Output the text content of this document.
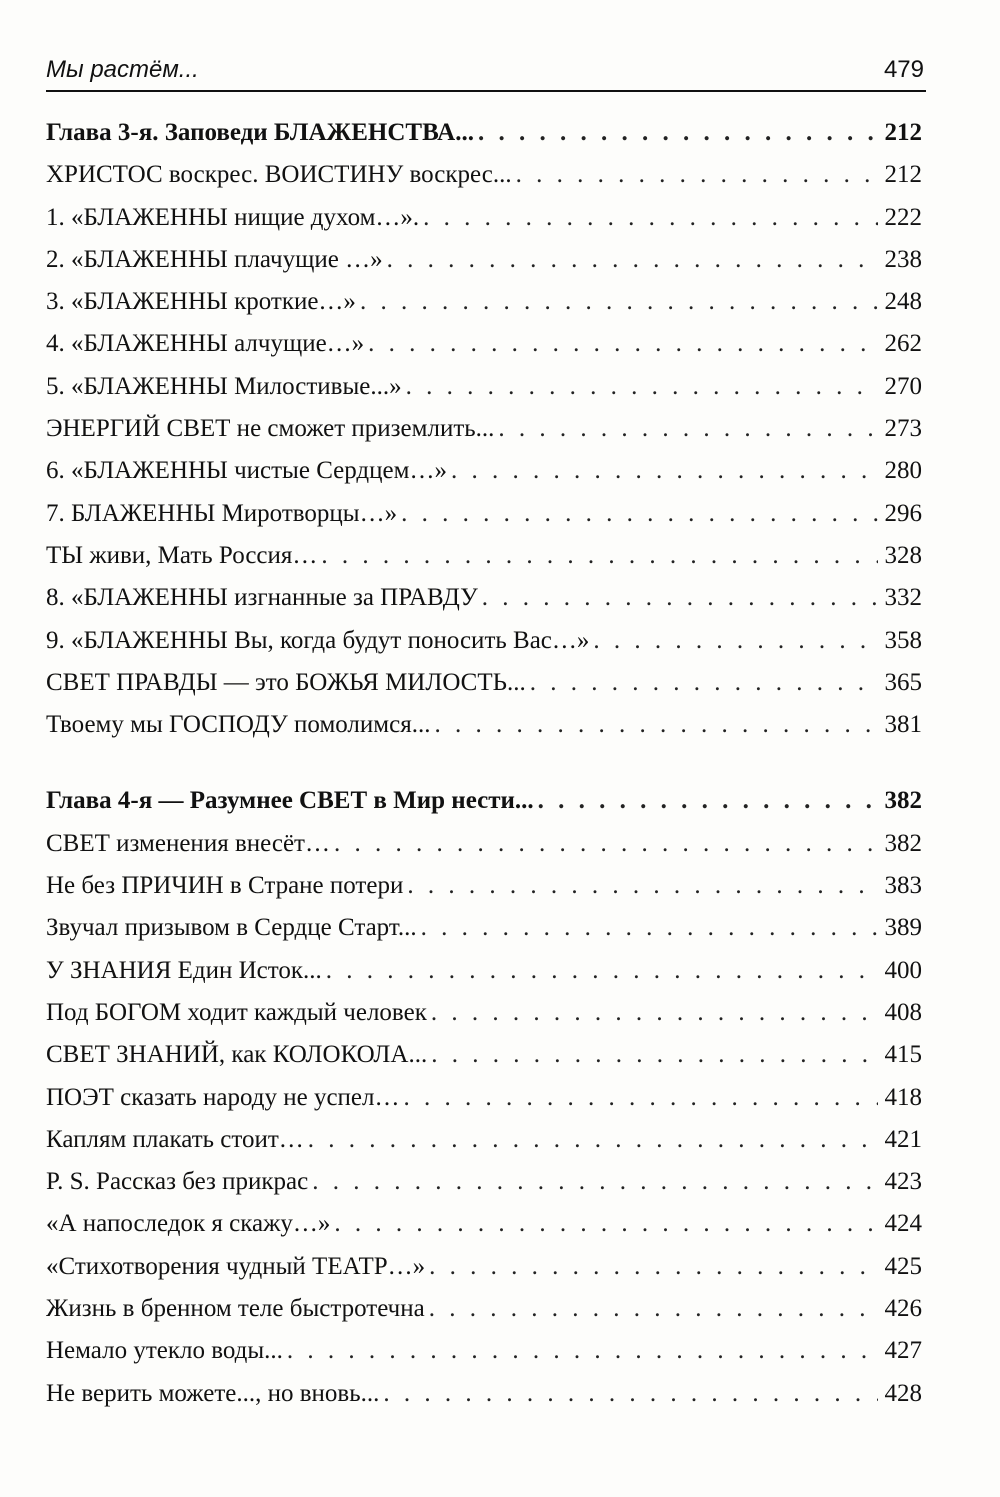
Мы растём...	479
Глава 3-я. Заповеди БЛАЖЕНСТВА... . . .	212
ХРИСТОС воскрес. ВОИСТИНУ воскрес... . . .	212
1. «БЛАЖЕННЫ нищие духом…». . . .	222
2. «БЛАЖЕННЫ плачущие …» . . .	238
3. «БЛАЖЕННЫ кроткие…» . . .	248
4. «БЛАЖЕННЫ алчущие…» . . .	262
5. «БЛАЖЕННЫ Милостивые...» . . .	270
ЭНЕРГИЙ СВЕТ не сможет приземлить... . . .	273
6. «БЛАЖЕННЫ чистые Сердцем…» . . .	280
7. БЛАЖЕННЫ Миротворцы…» . . .	296
ТЫ живи, Мать Россия… . . .	328
8. «БЛАЖЕННЫ изгнанные за ПРАВДУ . . .	332
9. «БЛАЖЕННЫ Вы, когда будут поносить Вас…» . . .	358
СВЕТ ПРАВДЫ — это БОЖЬЯ МИЛОСТЬ... . . .	365
Твоему мы ГОСПОДУ помолимся... . . .	381
Глава 4-я — Разумнее СВЕТ в Мир нести... . . .	382
СВЕТ изменения внесёт… . . .	382
Не без ПРИЧИН в Стране потери . . .	383
Звучал призывом в Сердце Старт... . . .	389
У ЗНАНИЯ Един Исток... . . .	400
Под БОГОМ ходит каждый человек . . .	408
СВЕТ ЗНАНИЙ, как КОЛОКОЛА... . . .	415
ПОЭТ сказать народу не успел… . . .	418
Каплям плакать стоит… . . .	421
P. S. Рассказ без прикрас . . .	423
«А напоследок я скажу…» . . .	424
«Стихотворения чудный ТЕАТР…» . . .	425
Жизнь в бренном теле быстротечна . . .	426
Немало утекло воды... . . .	427
Не верить можете..., но вновь... . . .	428
